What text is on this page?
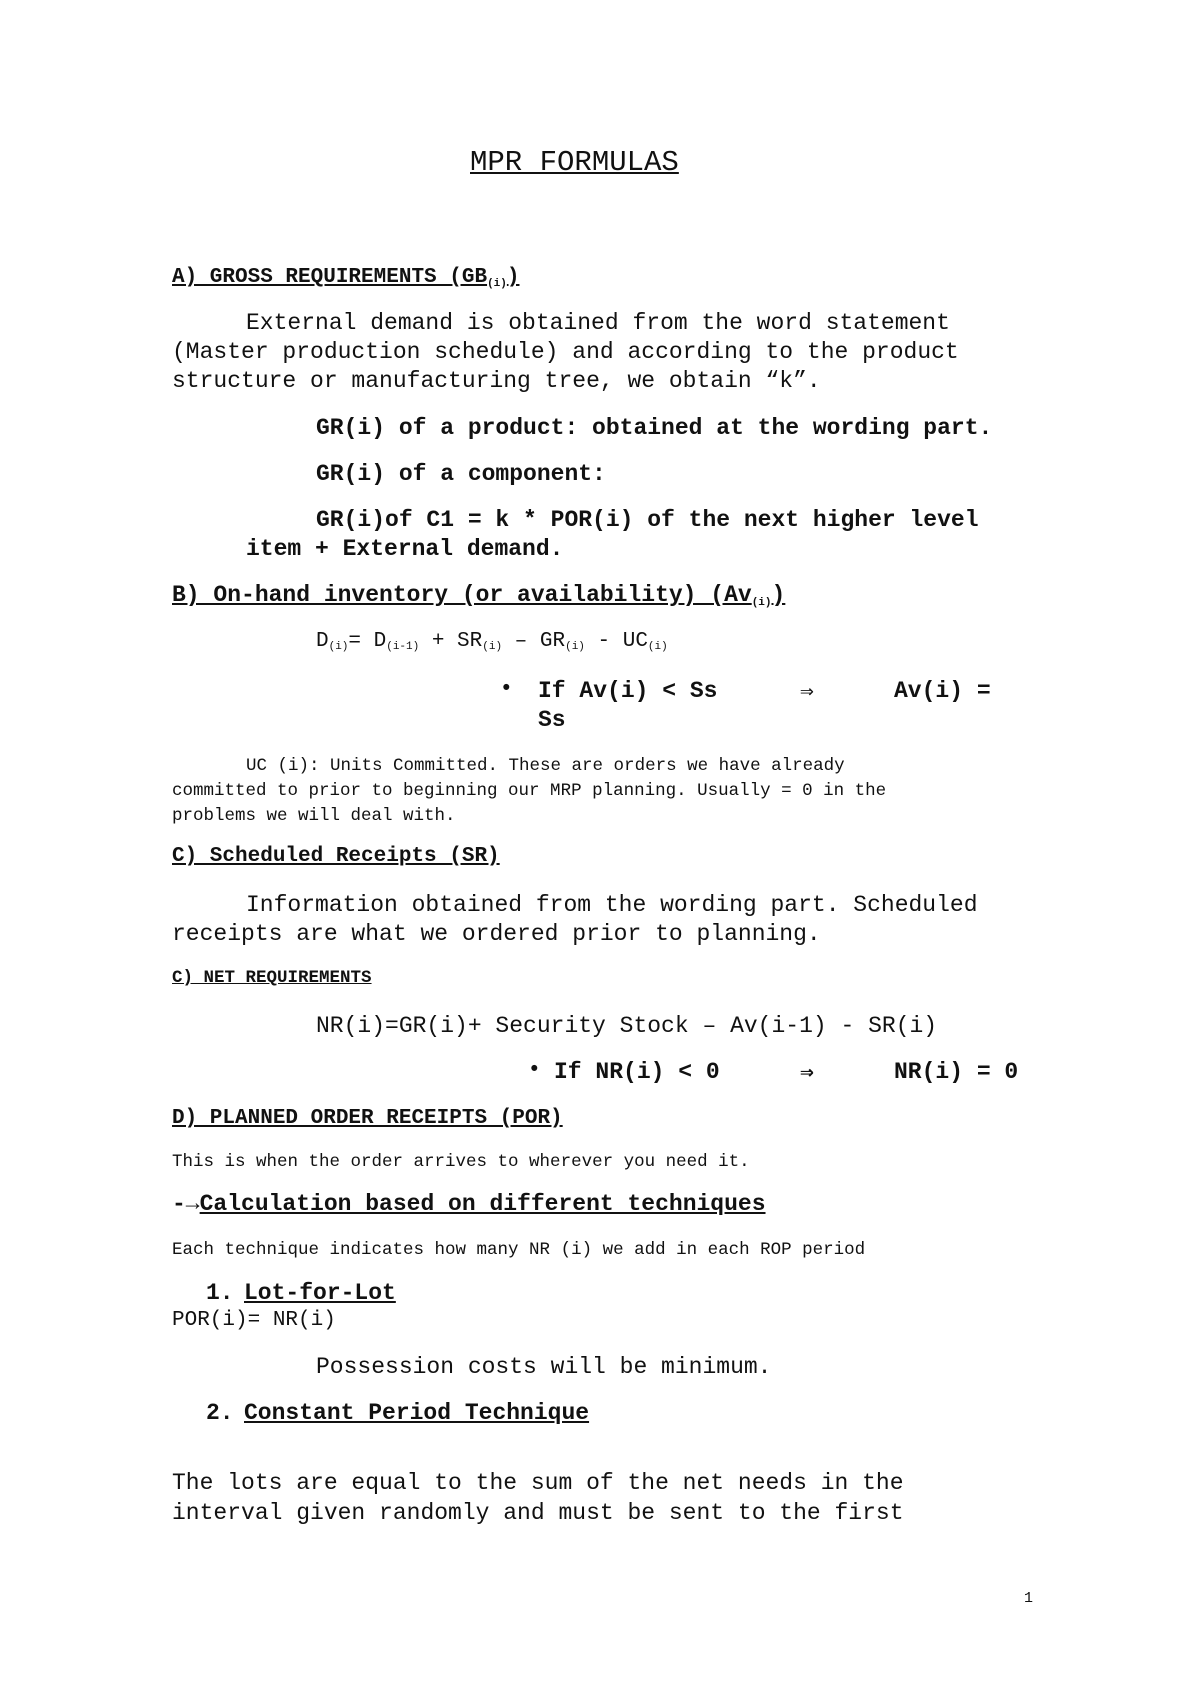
MPR FORMULAS
A) GROSS REQUIREMENTS (GB(i))
External demand is obtained from the word statement
(Master production schedule) and according to the product
structure or manufacturing tree, we obtain “k”.
GR(i) of a product: obtained at the wording part.
GR(i) of a component:
GR(i)of C1 = k * POR(i) of the next higher level
item + External demand.
B) On-hand inventory (or availability) (Av(i))
$D_{(i)}= D_{(i-1)} + SR_{(i)} - GR_{(i)} - UC_{(i)}$
• If Av(i) < Ss	⇒	Av(i) =
Ss
UC (i): Units Committed. These are orders we have already
committed to prior to beginning our MRP planning. Usually = 0 in the
problems we will deal with.
C) Scheduled Receipts (SR)
Information obtained from the wording part. Scheduled
receipts are what we ordered prior to planning.
C) NET REQUIREMENTS
NR(i)=GR(i)+ Security Stock – Av(i-1) - SR(i)
• If NR(i) < 0	⇒	NR(i) = 0
D) PLANNED ORDER RECEIPTS (POR)
This is when the order arrives to wherever you need it.
-→Calculation based on different techniques
Each technique indicates how many NR (i) we add in each ROP period
1. Lot-for-Lot
POR(i)= NR(i)
Possession costs will be minimum.
2. Constant Period Technique
The lots are equal to the sum of the net needs in the
interval given randomly and must be sent to the first
1
